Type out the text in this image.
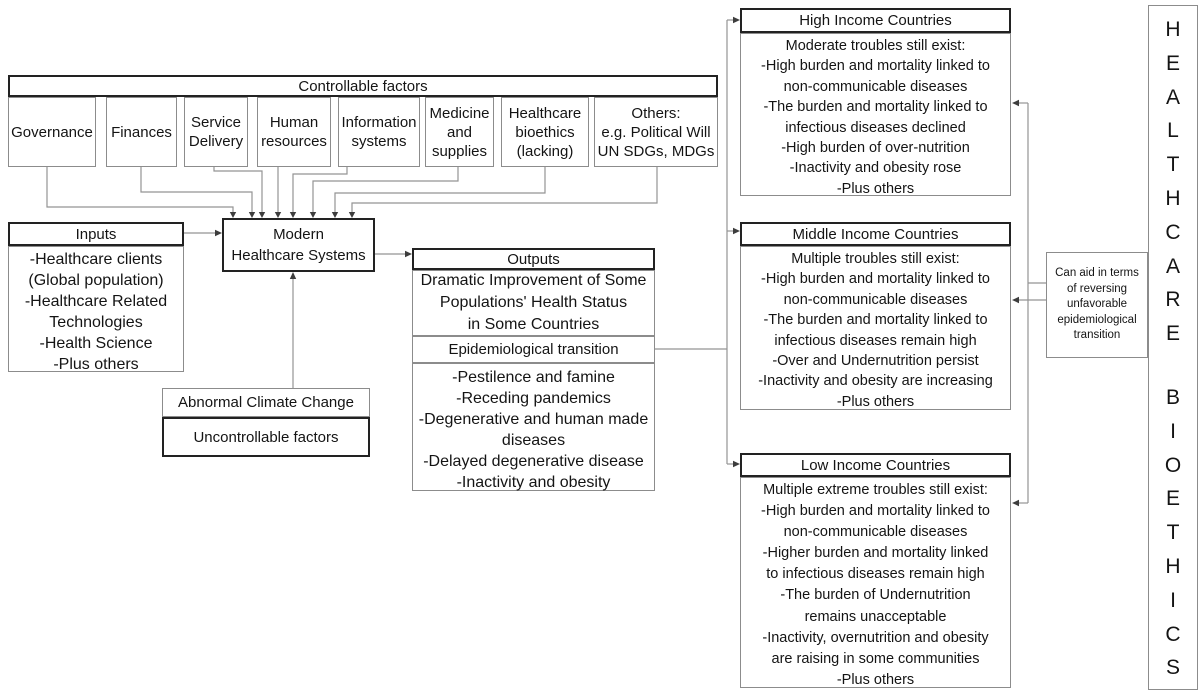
Controllable factors
Governance Finances
Service
Delivery
Human
resources
Information
systems
Medicine
and
supplies
Healthcare
bioethics
(lacking)
Others:
e.g. Political Will
UN SDGs, MDGs
Inputs
-Healthcare clients
(Global population)
-Healthcare Related
Technologies
-Health Science
-Plus others
Modern
Healthcare Systems	Outputs
Dramatic Improvement of Some
Populations' Health Status
in Some Countries
Epidemiological transition
-Pestilence and famine
-Receding pandemics
-Degenerative and human made
diseases
-Delayed degenerative disease
-Inactivity and obesity
Abnormal Climate Change
Uncontrollable factors
High Income Countries
Moderate troubles still exist:
-High burden and mortality linked to
non-communicable diseases
-The burden and mortality linked to
infectious diseases declined
-High burden of over-nutrition
-Inactivity and obesity rose
-Plus others
Middle Income Countries
Multiple troubles still exist:
-High burden and mortality linked to
non-communicable diseases
-The burden and mortality linked to
infectious diseases remain high
-Over and Undernutrition persist
-Inactivity and obesity are increasing
-Plus others
Low Income Countries
Multiple extreme troubles still exist:
-High burden and mortality linked to
non-communicable diseases
-Higher burden and mortality linked
to infectious diseases remain high
-The burden of Undernutrition
remains unacceptable
-Inactivity, overnutrition and obesity
are raising in some communities
-Plus others
Can aid in terms
of reversing
unfavorable
epidemiological
transition
H
E
A
L
T
H
C
A
R
E
B
I
O
E
T
H
I
C
S
